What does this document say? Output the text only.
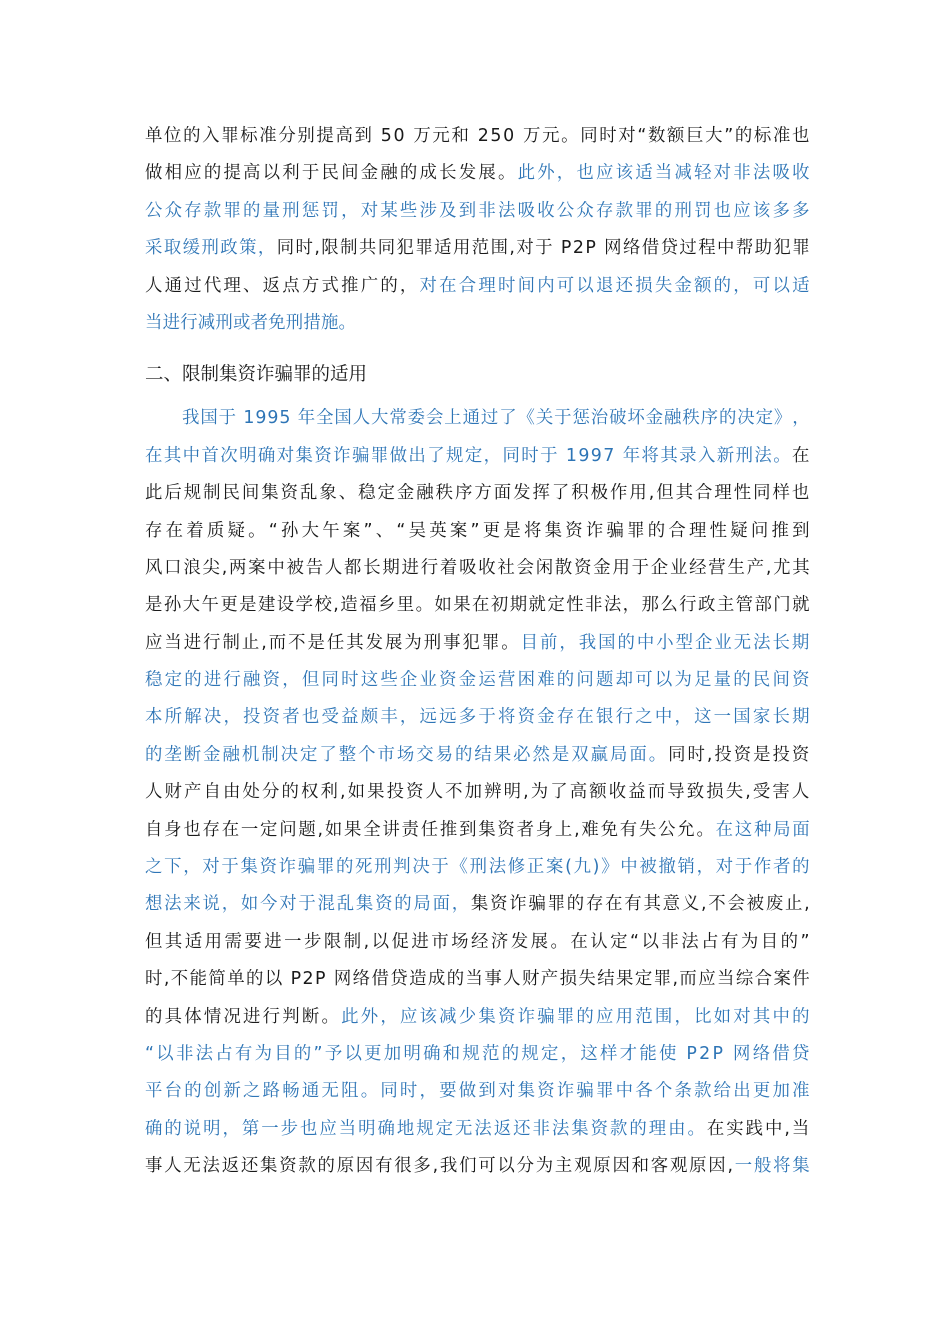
单 位 的 入 罪 标 准 分 别 提 高 到
5 0
万 元 和
2 5 0
万 元 。 同 时 对 “ 数 额 巨 大 ” 的 标 准 也
做 相 应 的 提 高 以 利 于 民 间 金 融 的 成 长 发 展 。 此 外 ， 也 应 该 适 当 减 轻 对 非 法 吸 收
公 众 存 款 罪 的 量 刑 惩 罚 ， 对 某 些 涉 及 到 非 法 吸 收 公 众 存 款 罪 的 刑 罚 也 应 该 多 多
采 取 缓 刑 政 策 ， 同 时 , 限 制 共 同 犯 罪 适 用 范 围 , 对 于
P 2 P
网 络 借 贷 过 程 中 帮 助 犯 罪
人 通 过 代 理 、 返 点 方 式 推 广 的 ， 对 在 合 理 时 间 内 可 以 退 还 损 失 金 额 的 ， 可 以 适
当 进 行 减 刑 或 者 免 刑 措 施 。
二、限制集资诈骗罪的适用
我 国 于
1 9 9 5
年 全 国 人 大 常 委 会 上 通 过 了 《 关 于 惩 治 破 坏 金 融 秩 序 的 决 定 》 ，
在 其 中 首 次 明 确 对 集 资 诈 骗 罪 做 出 了 规 定 ， 同 时 于
1 9 9 7
年 将 其 录 入 新 刑 法 。 在
此 后 规 制 民 间 集 资 乱 象 、 稳 定 金 融 秩 序 方 面 发 挥 了 积 极 作 用 , 但 其 合 理 性 同 样 也
存 在 着 质 疑 。 “ 孙 大 午 案 ” 、 “ 吴 英 案 ” 更 是 将 集 资 诈 骗 罪 的 合 理 性 疑 问 推 到
风 口 浪 尖 , 两 案 中 被 告 人 都 长 期 进 行 着 吸 收 社 会 闲 散 资 金 用 于 企 业 经 营 生 产 , 尤 其
是 孙 大 午 更 是 建 设 学 校 , 造 福 乡 里 。 如 果 在 初 期 就 定 性 非 法 ， 那 么 行 政 主 管 部 门 就
应 当 进 行 制 止 , 而 不 是 任 其 发 展 为 刑 事 犯 罪 。 目 前 ， 我 国 的 中 小 型 企 业 无 法 长 期
稳 定 的 进 行 融 资 ， 但 同 时 这 些 企 业 资 金 运 营 困 难 的 问 题 却 可 以 为 足 量 的 民 间 资
本 所 解 决 ， 投 资 者 也 受 益 颇 丰 ， 远 远 多 于 将 资 金 存 在 银 行 之 中 ， 这 一 国 家 长 期
的 垄 断 金 融 机 制 决 定 了 整 个 市 场 交 易 的 结 果 必 然 是 双 赢 局 面 。 同 时 , 投 资 是 投 资
人 财 产 自 由 处 分 的 权 利 , 如 果 投 资 人 不 加 辨 明 , 为 了 高 额 收 益 而 导 致 损 失 , 受 害 人
自 身 也 存 在 一 定 问 题 , 如 果 全 讲 责 任 推 到 集 资 者 身 上 , 难 免 有 失 公 允 。 在 这 种 局 面
之 下 ， 对 于 集 资 诈 骗 罪 的 死 刑 判 决 于 《 刑 法 修 正 案 ( 九 ) 》 中 被 撤 销 ， 对 于 作 者 的
想 法 来 说 ， 如 今 对 于 混 乱 集 资 的 局 面 ， 集 资 诈 骗 罪 的 存 在 有 其 意 义 , 不 会 被 废 止 ,
但 其 适 用 需 要 进 一 步 限 制 , 以 促 进 市 场 经 济 发 展 。 在 认 定 “ 以 非 法 占 有 为 目 的 ”
时 , 不 能 简 单 的 以
P 2 P
网 络 借 贷 造 成 的 当 事 人 财 产 损 失 结 果 定 罪 , 而 应 当 综 合 案 件
的 具 体 情 况 进 行 判 断 。 此 外 ， 应 该 减 少 集 资 诈 骗 罪 的 应 用 范 围 ， 比 如 对 其 中 的
“ 以 非 法 占 有 为 目 的 ” 予 以 更 加 明 确 和 规 范 的 规 定 ， 这 样 才 能 使
P 2 P
网 络 借 贷
平 台 的 创 新 之 路 畅 通 无 阻 。 同 时 ， 要 做 到 对 集 资 诈 骗 罪 中 各 个 条 款 给 出 更 加 准
确 的 说 明 ， 第 一 步 也 应 当 明 确 地 规 定 无 法 返 还 非 法 集 资 款 的 理 由 。 在 实 践 中 , 当
事 人 无 法 返 还 集 资 款 的 原 因 有 很 多 , 我 们 可 以 分 为 主 观 原 因 和 客 观 原 因 , 一 般 将 集
